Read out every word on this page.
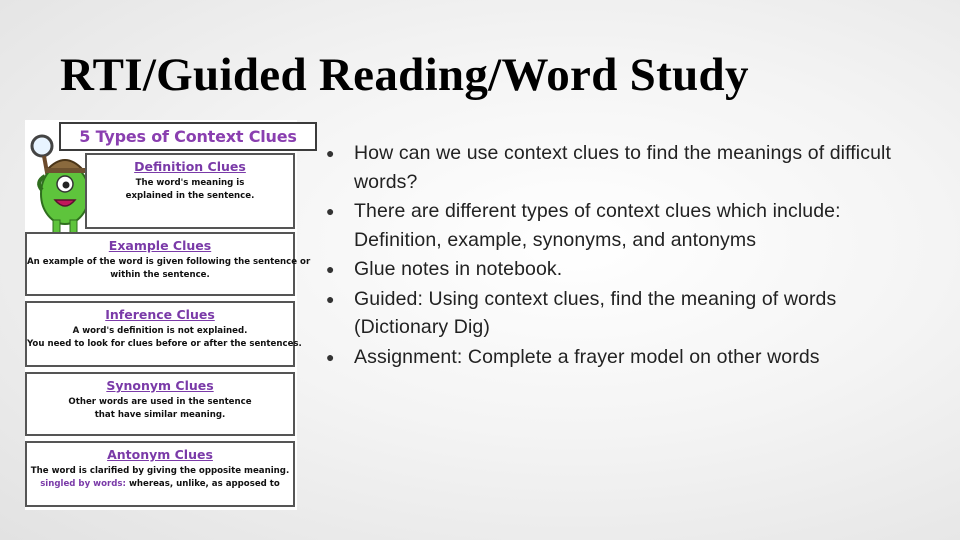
RTI/Guided Reading/Word Study
5 Types of Context Clues
Definition Clues
The word's meaning is
explained in the sentence.
Example Clues
An example of the word is given following the sentence or
within the sentence.
Inference Clues
A word's definition is not explained.
You need to look for clues before or after the sentences.
Synonym Clues
Other words are used in the sentence
that have similar meaning.
Antonym Clues
The word is clarified by giving the opposite meaning.
singled by words: whereas, unlike, as apposed to
● How can we use context clues to find the meanings of difficult words?
● There are different types of context clues which include: Definition, example, synonyms, and antonyms
● Glue notes in notebook.
● Guided: Using context clues, find the meaning of words (Dictionary Dig)
● Assignment: Complete a frayer model on other words
